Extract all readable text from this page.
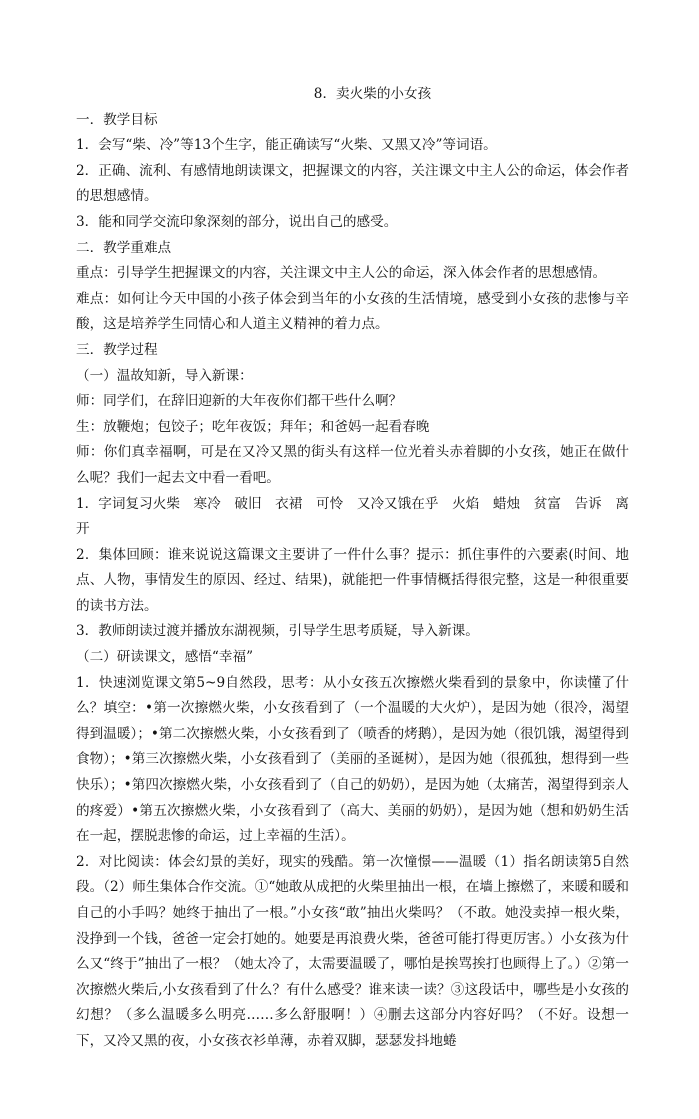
8．卖火柴的小女孩

一．教学目标

1．会写“柴、冷”等13个生字，能正确读写“火柴、又黑又冷”等词语。

2．正确、流利、有感情地朗读课文，把握课文的内容，关注课文中主人公的命运，体会作者的思想感情。

3．能和同学交流印象深刻的部分，说出自己的感受。

二．教学重难点

重点：引导学生把握课文的内容，关注课文中主人公的命运，深入体会作者的思想感情。

难点：如何让今天中国的小孩子体会到当年的小女孩的生活情境，感受到小女孩的悲惨与辛酸，这是培养学生同情心和人道主义精神的着力点。

三．教学过程

（一）温故知新，导入新课：

师：同学们，在辞旧迎新的大年夜你们都干些什么啊？

生：放鞭炮；包饺子；吃年夜饭；拜年；和爸妈一起看春晚

师：你们真幸福啊，可是在又冷又黑的街头有这样一位光着头赤着脚的小女孩，她正在做什么呢？我们一起去文中看一看吧。

1．字词复习火柴　寒冷　破旧　衣裙　可怜　又冷又饿在乎　火焰　蜡烛　贫富　告诉　离开

2．集体回顾：谁来说说这篇课文主要讲了一件什么事？提示：抓住事件的六要素(时间、地点、人物，事情发生的原因、经过、结果)，就能把一件事情概括得很完整，这是一种很重要的读书方法。

3．教师朗读过渡并播放东湖视频，引导学生思考质疑，导入新课。

（二）研读课文，感悟“幸福”

1．快速浏览课文第5~9自然段，思考：从小女孩五次擦燃火柴看到的景象中，你读懂了什么？填空：•第一次擦燃火柴，小女孩看到了（一个温暖的大火炉），是因为她（很冷，渴望得到温暖）；•第二次擦燃火柴，小女孩看到了（喷香的烤鹅），是因为她（很饥饿，渴望得到食物）；•第三次擦燃火柴，小女孩看到了（美丽的圣诞树），是因为她（很孤独，想得到一些快乐）；•第四次擦燃火柴，小女孩看到了（自己的奶奶），是因为她（太痛苦，渴望得到亲人的疼爱）•第五次擦燃火柴，小女孩看到了（高大、美丽的奶奶），是因为她（想和奶奶生活在一起，摆脱悲惨的命运，过上幸福的生活）。

2．对比阅读：体会幻景的美好，现实的残酷。第一次憧憬——温暖（1）指名朗读第5自然段。（2）师生集体合作交流。①“她敢从成把的火柴里抽出一根，在墙上擦燃了，来暖和暖和自己的小手吗？她终于抽出了一根。”小女孩“敢”抽出火柴吗？（不敢。她没卖掉一根火柴，没挣到一个钱，爸爸一定会打她的。她要是再浪费火柴，爸爸可能打得更厉害。）小女孩为什么又“终于”抽出了一根？（她太冷了，太需要温暖了，哪怕是挨骂挨打也顾得上了。）②第一次擦燃火柴后,小女孩看到了什么？有什么感受？谁来读一读？③这段话中，哪些是小女孩的幻想？（多么温暖多么明亮……多么舒服啊！）④删去这部分内容好吗？（不好。设想一下，又冷又黑的夜，小女孩衣衫单薄，赤着双脚，瑟瑟发抖地蜷
